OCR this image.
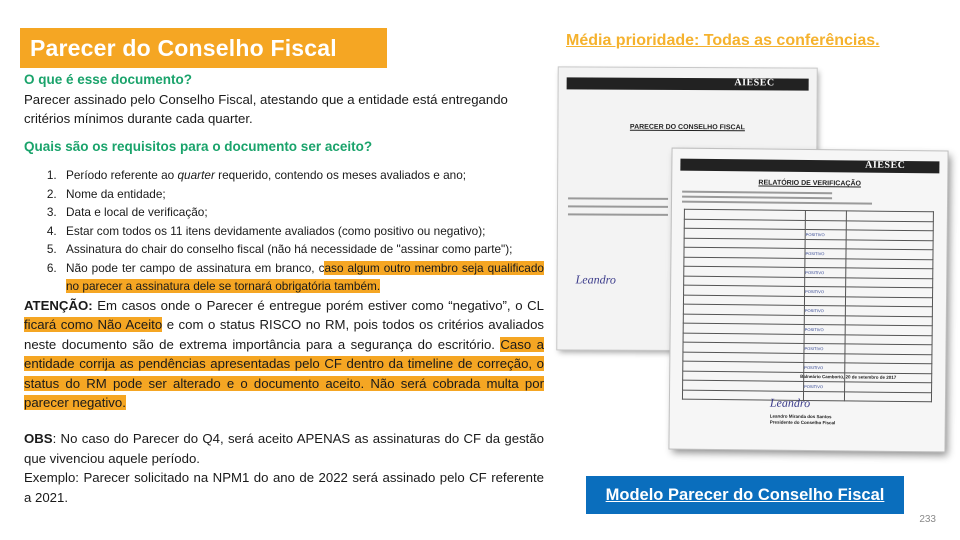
Parecer do Conselho Fiscal	Média prioridade: Todas as conferências.
O que é esse documento?

Parecer assinado pelo Conselho Fiscal, atestando que a entidade está entregando critérios mínimos durante cada quarter.

Quais são os requisitos para o documento ser aceito?
1. Período referente ao quarter requerido, contendo os meses avaliados e ano;
2. Nome da entidade;
3. Data e local de verificação;
4. Estar com todos os 11 itens devidamente avaliados (como positivo ou negativo);
5. Assinatura do chair do conselho fiscal (não há necessidade de "assinar como parte");
6. Não pode ter campo de assinatura em branco, caso algum outro membro seja qualificado no parecer a assinatura dele se tornará obrigatória também.

ATENÇÃO: Em casos onde o Parecer é entregue porém estiver como “negativo”, o CL ficará como Não Aceito e com o status RISCO no RM, pois todos os critérios avaliados neste documento são de extrema importância para a segurança do escritório. Caso a entidade corrija as pendências apresentadas pelo CF dentro da timeline de correção, o status do RM pode ser alterado e o documento aceito. Não será cobrada multa por parecer negativo.

OBS: No caso do Parecer do Q4, será aceito APENAS as assinaturas do CF da gestão que vivenciou aquele período.

Exemplo: Parecer solicitado na NPM1 do ano de 2022 será assinado pelo CF referente a 2021.

AIESEC
PARECER DO CONSELHO FISCAL
Leandro
AIESEC
RELATÓRIO DE VERIFICAÇÃO

	POSITIVO	

	POSITIVO	

	POSITIVO	

	POSITIVO	

	POSITIVO	

	POSITIVO	

	POSITIVO	

	POSITIVO	

	POSITIVO	

Balneário Camboriú, 20 de setembro de 2017
Leandro
Leandro Miranda dos Santos
Presidente do Conselho Fiscal
Modelo Parecer do Conselho Fiscal
233
